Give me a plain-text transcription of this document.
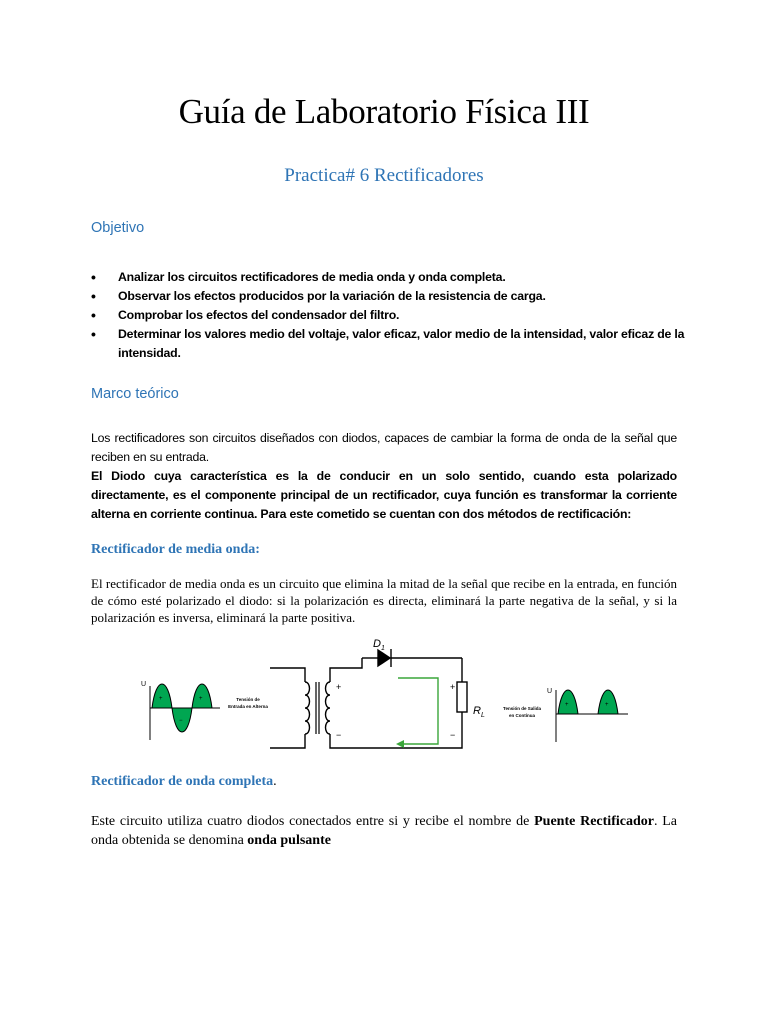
Guía de Laboratorio Física III
Practica# 6 Rectificadores
Objetivo
• Analizar los circuitos rectificadores de media onda y onda completa.
• Observar los efectos producidos por la variación de la resistencia de carga.
• Comprobar los efectos del condensador del filtro.
• Determinar los valores medio del voltaje, valor eficaz, valor medio de la intensidad, valor eficaz de la intensidad.
Marco teórico

Los rectificadores son circuitos diseñados con diodos, capaces de cambiar la forma de onda de la señal que reciben en su entrada.

El Diodo cuya característica es la de conducir en un solo sentido, cuando esta polarizado directamente, es el componente principal de un rectificador, cuya función es transformar la corriente alterna en corriente continua. Para este cometido se cuentan con dos métodos de rectificación:

Rectificador de media onda:

El rectificador de media onda es un circuito que elimina la mitad de la señal que recibe en la entrada, en función de cómo esté polarizado el diodo: si la polarización es directa, eliminará la parte negativa de la señal, y si la polarización es inversa, eliminará la parte positiva.

U
+
−
+	Tensión de
Entrada en Alterna
+
−
$D_1$
$R_L$
+
−
Tensión de Salida
en Contínua
U
+	+
Rectificador de onda completa.

Este circuito utiliza cuatro diodos conectados entre si y recibe el nombre de Puente Rectificador. La onda obtenida se denomina onda pulsante
